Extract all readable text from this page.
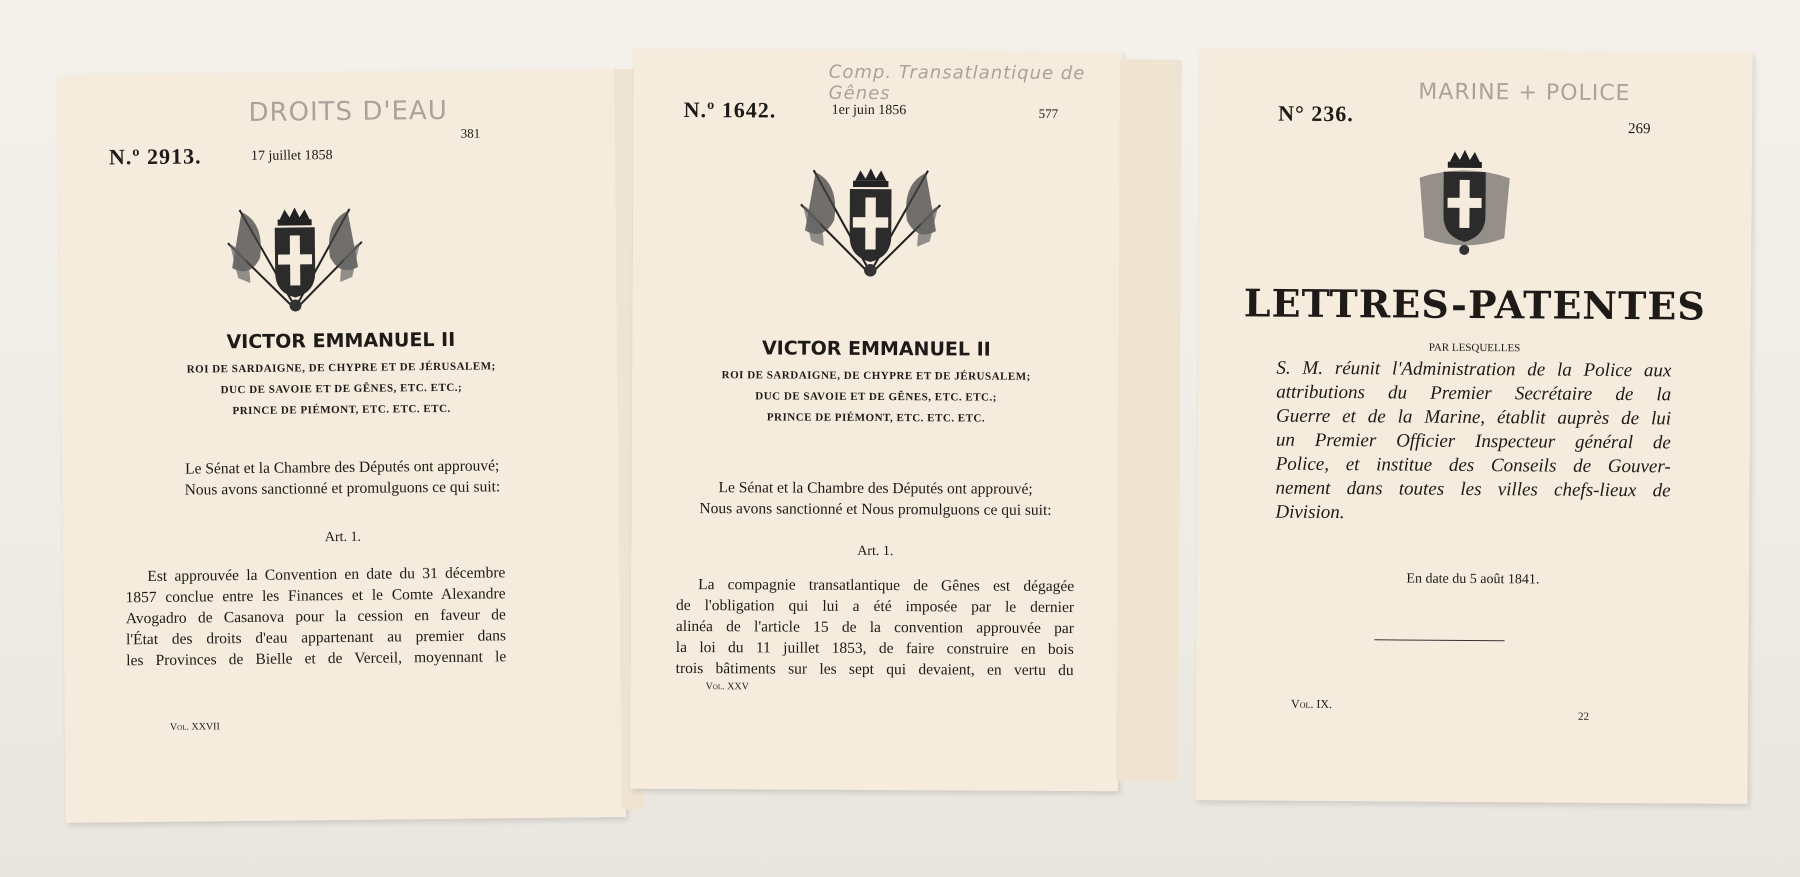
DROITS D'EAU
N.º 2913.	17 juillet 1858
381
VICTOR EMMANUEL II
ROI DE SARDAIGNE, DE CHYPRE ET DE JÉRUSALEM;
DUC DE SAVOIE ET DE GÊNES, ETC. ETC.;
PRINCE DE PIÉMONT, ETC. ETC. ETC.
Le Sénat et la Chambre des Députés ont approuvé;
Nous avons sanctionné et promulguons ce qui suit:
Art. 1.
Est approuvée la Convention en date du 31 décembre
1857 conclue entre les Finances et le Comte Alexandre
Avogadro de Casanova pour la cession en faveur de
l'État des droits d'eau appartenant au premier dans
les Provinces de Bielle et de Verceil, moyennant le
Vol. XXVII
Comp. Transatlantique de Gênes
N.º 1642.	1er juin 1856	577
VICTOR EMMANUEL II
ROI DE SARDAIGNE, DE CHYPRE ET DE JÉRUSALEM;
DUC DE SAVOIE ET DE GÊNES, ETC. ETC.;
PRINCE DE PIÉMONT, ETC. ETC. ETC.
Le Sénat et la Chambre des Députés ont approuvé;
Nous avons sanctionné et Nous promulguons ce qui suit:
Art. 1.
La compagnie transatlantique de Gênes est dégagée
de l'obligation qui lui a été imposée par le dernier
alinéa de l'article 15 de la convention approuvée par
la loi du 11 juillet 1853, de faire construire en bois
trois bâtiments sur les sept qui devaient, en vertu du
Vol. XXV
MARINE + POLICE
N° 236.
269
LETTRES-PATENTES
PAR LESQUELLES
S. M. réunit l'Administration de la Police aux
attributions du Premier Secrétaire de la
Guerre et de la Marine, établit auprès de lui
un Premier Officier Inspecteur général de
Police, et institue des Conseils de Gouver-
nement dans toutes les villes chefs-lieux de
Division.
En date du 5 août 1841.
Vol. IX.
22
